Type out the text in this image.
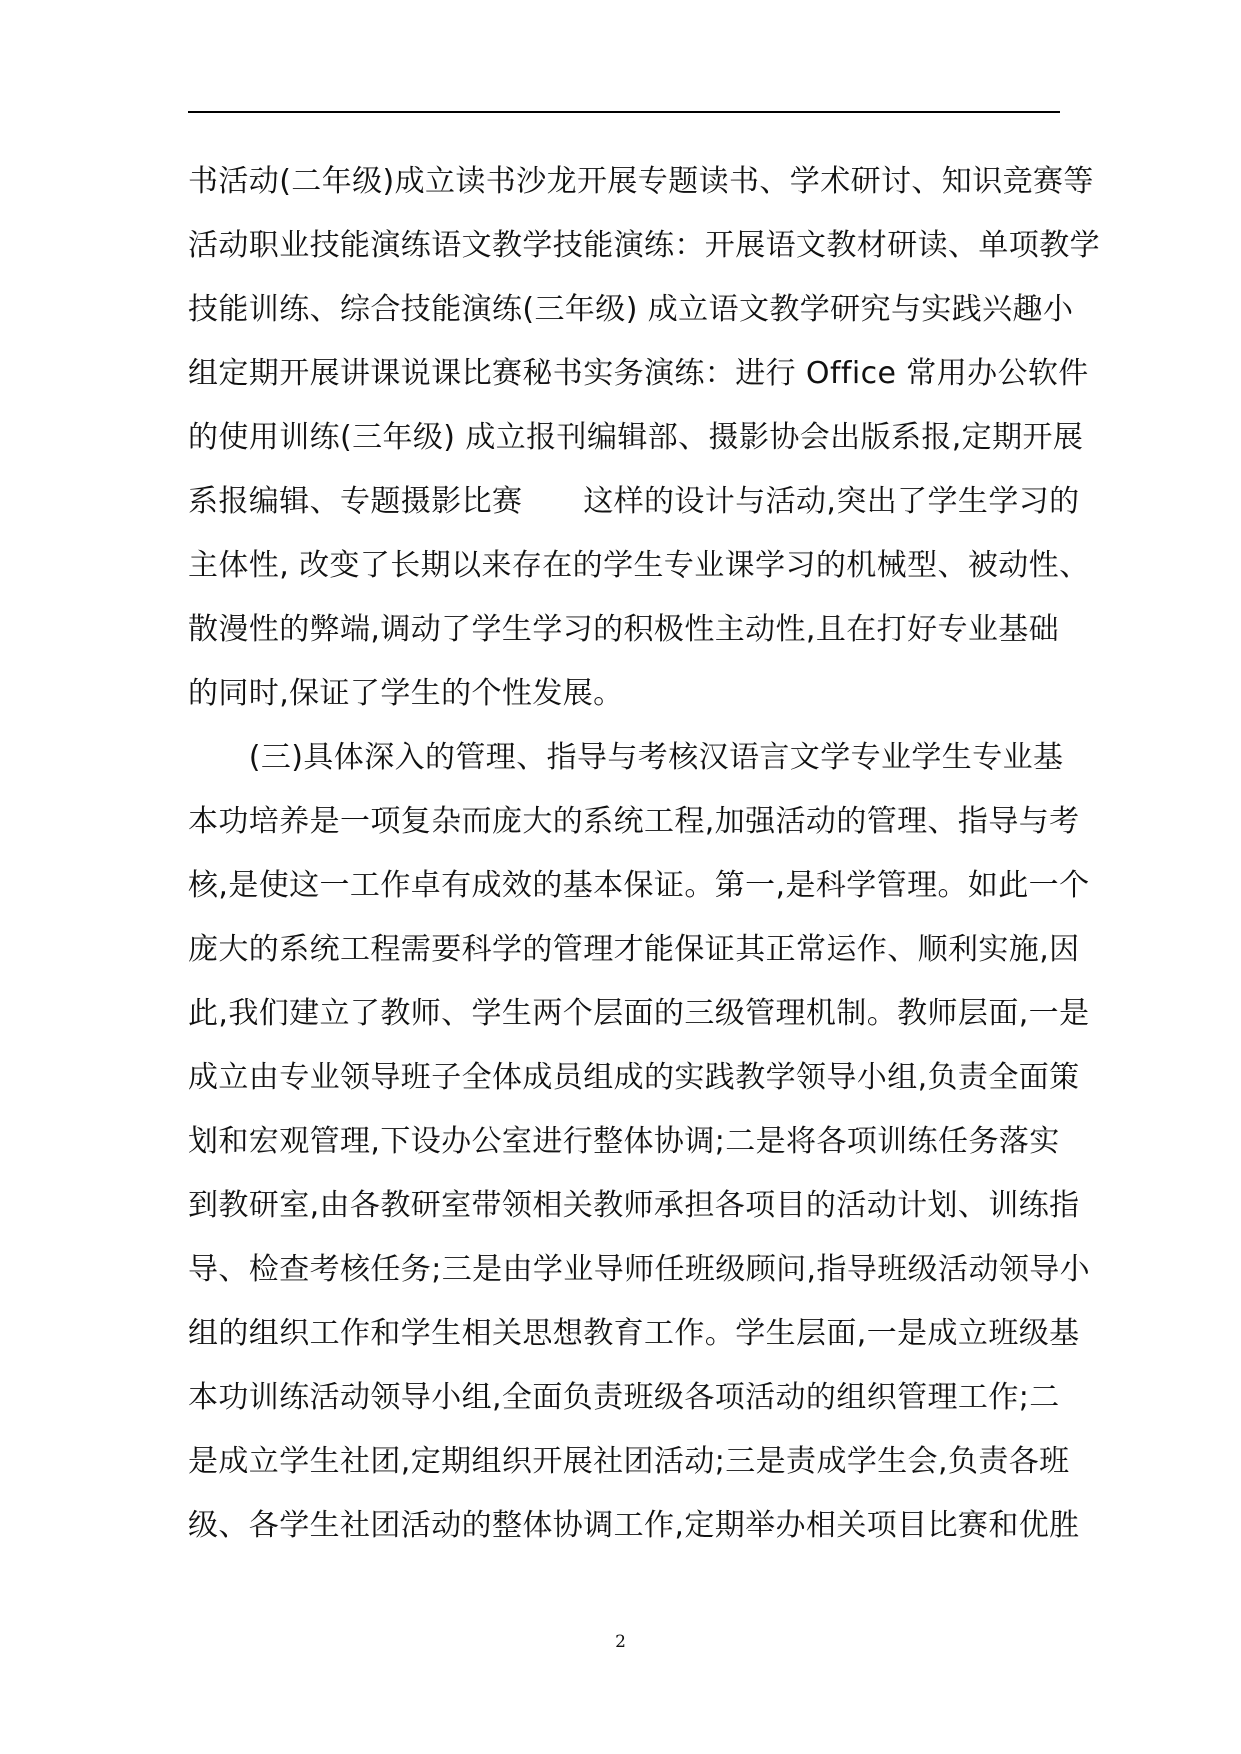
书活动(二年级)成立读书沙龙开展专题读书、学术研讨、知识竞赛等
活动职业技能演练语文教学技能演练：开展语文教材研读、单项教学
技能训练、综合技能演练(三年级) 成立语文教学研究与实践兴趣小
组定期开展讲课说课比赛秘书实务演练：进行 Office 常用办公软件
的使用训练(三年级) 成立报刊编辑部、摄影协会出版系报,定期开展
系报编辑、专题摄影比赛　　这样的设计与活动,突出了学生学习的
主体性, 改变了长期以来存在的学生专业课学习的机械型、被动性、
散漫性的弊端,调动了学生学习的积极性主动性,且在打好专业基础
的同时,保证了学生的个性发展。
　　(三)具体深入的管理、指导与考核汉语言文学专业学生专业基
本功培养是一项复杂而庞大的系统工程,加强活动的管理、指导与考
核,是使这一工作卓有成效的基本保证。第一,是科学管理。如此一个
庞大的系统工程需要科学的管理才能保证其正常运作、顺利实施,因
此,我们建立了教师、学生两个层面的三级管理机制。教师层面,一是
成立由专业领导班子全体成员组成的实践教学领导小组,负责全面策
划和宏观管理,下设办公室进行整体协调;二是将各项训练任务落实
到教研室,由各教研室带领相关教师承担各项目的活动计划、训练指
导、检查考核任务;三是由学业导师任班级顾问,指导班级活动领导小
组的组织工作和学生相关思想教育工作。学生层面,一是成立班级基
本功训练活动领导小组,全面负责班级各项活动的组织管理工作;二
是成立学生社团,定期组织开展社团活动;三是责成学生会,负责各班
级、各学生社团活动的整体协调工作,定期举办相关项目比赛和优胜
2
